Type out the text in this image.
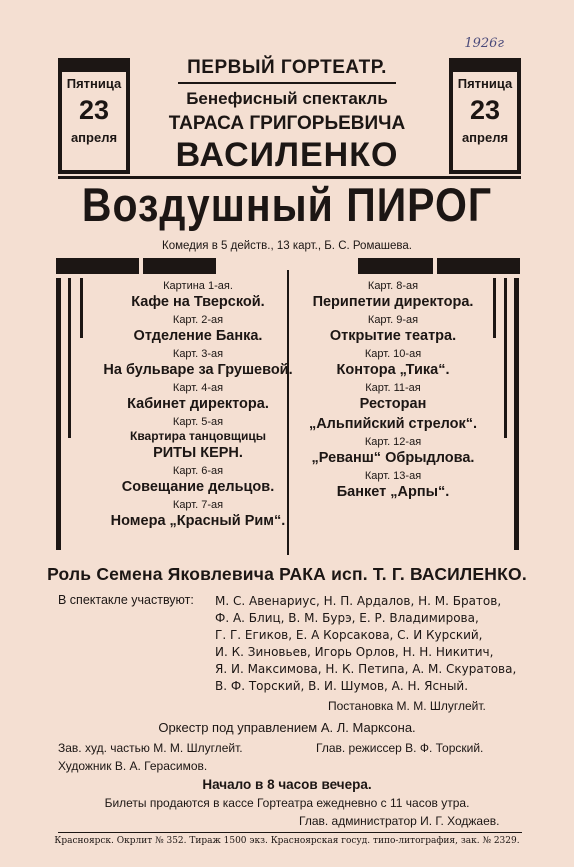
1926г
Пятница
23
апреля
Пятница
23
апреля
ПЕРВЫЙ ГОРТЕАТР.
Бенефисный спектакль
ТАРАСА ГРИГОРЬЕВИЧА
ВАСИЛЕНКО
Воздушный ПИРОГ
Комедия в 5 действ., 13 карт., Б. С. Ромашева.
Картина 1-ая.
Кафе на Тверской.
Карт. 2-ая
Отделение Банка.
Карт. 3-ая
На бульваре за Грушевой.
Карт. 4-ая
Кабинет директора.
Карт. 5-ая
Квартира танцовщицы
РИТЫ КЕРН.
Карт. 6-ая
Совещание дельцов.
Карт. 7-ая
Номера „Красный Рим“.
Карт. 8-ая
Перипетии директора.
Карт. 9-ая
Открытие театра.
Карт. 10-ая
Контора „Тика“.
Карт. 11-ая
Ресторан
„Альпийский стрелок“.
Карт. 12-ая
„Реванш“ Обрыдлова.
Карт. 13-ая
Банкет „Арпы“.
Роль Семена Яковлевича РАКА исп. Т. Г. ВАСИЛЕНКО.
В спектакле участвуют: М. С. Авенариус, Н. П. Ардалов, Н. М. Братов,
Ф. А. Блиц, В. М. Бурэ, Е. Р. Владимирова,
Г. Г. Егиков, Е. А Корсакова, С. И Курский,
И. К. Зиновьев, Игорь Орлов, Н. Н. Никитич,
Я. И. Максимова, Н. К. Петипа, А. М. Скуратова,
В. Ф. Торский, В. И. Шумов, А. Н. Ясный.
Постановка М. М. Шлуглейт.
Оркестр под управлением А. Л. Марксона.
Зав. худ. частью М. М. Шлуглейт.	Глав. режиссер В. Ф. Торский.
Художник В. А. Герасимов.
Начало в 8 часов вечера.
Билеты продаются в кассе Гортеатра ежедневно с 11 часов утра.
Глав. администратор И. Г. Ходжаев.
Красноярск. Окрлит № 352. Тираж 1500 экз. Красноярская госуд. типо-литография, зак. № 2329.
